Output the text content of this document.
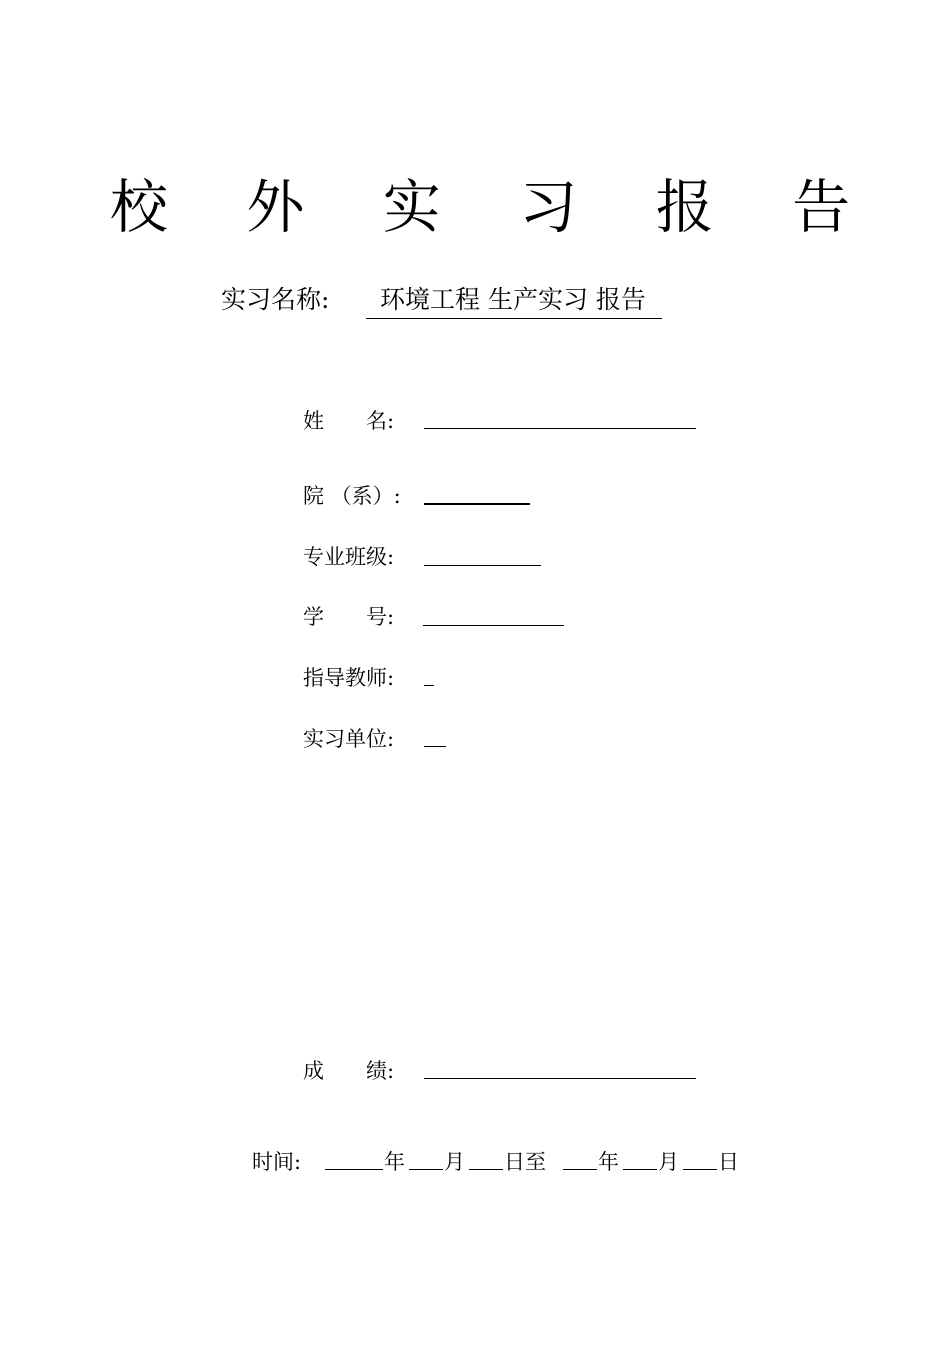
校 外 实 习 报 告
实习名称:	环境工程 生产实习 报告
姓　　名:
院 （系）:
专业班级:
学　　号:
指导教师:
实习单位:
成　　绩:
时间:	年 月 日至 年 月 日
